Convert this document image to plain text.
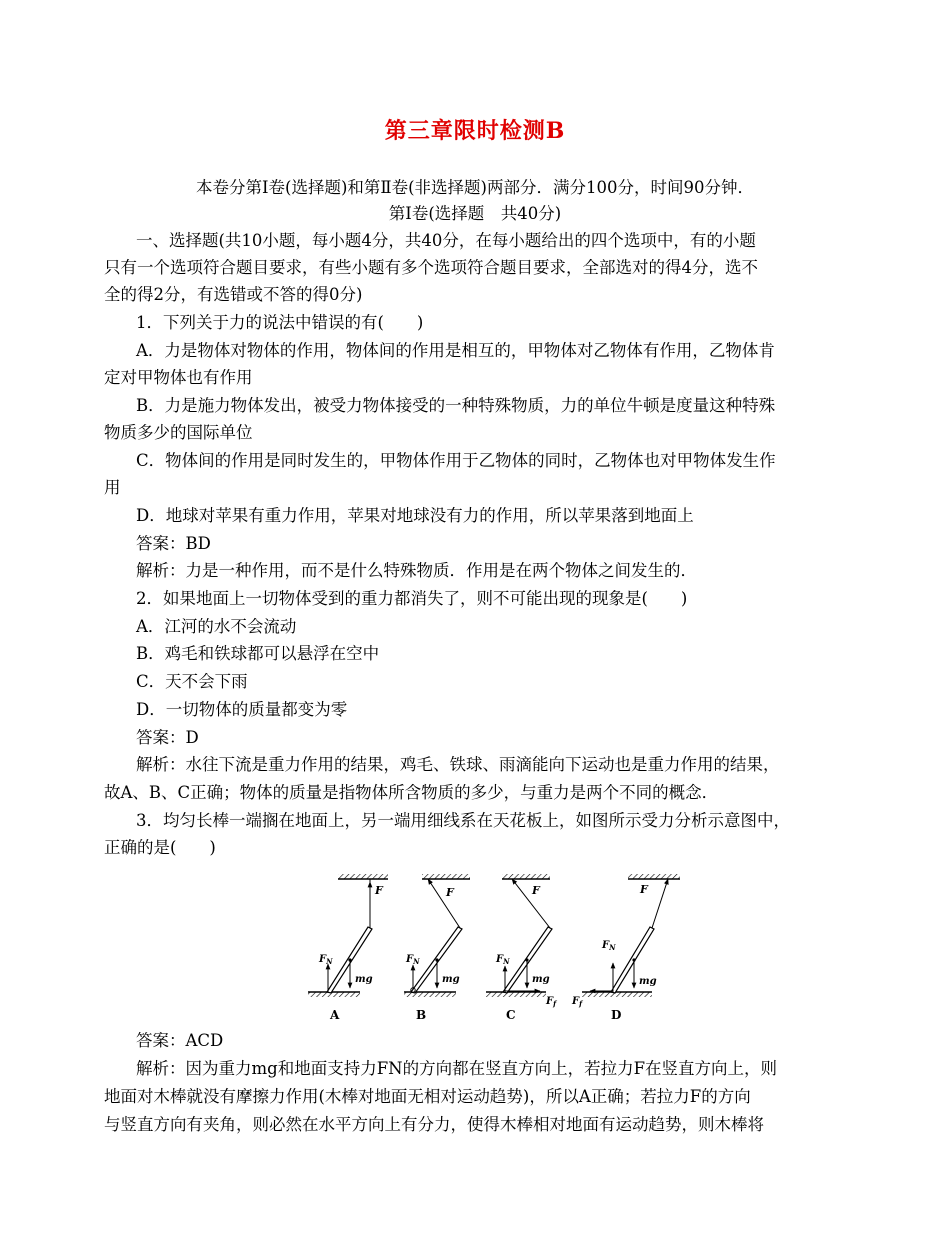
第三章限时检测B
本卷分第Ⅰ卷(选择题)和第Ⅱ卷(非选择题)两部分．满分100分，时间90分钟．
第Ⅰ卷(选择题　共40分)
一、选择题(共10小题，每小题4分，共40分，在每小题给出的四个选项中，有的小题
只有一个选项符合题目要求，有些小题有多个选项符合题目要求，全部选对的得4分，选不
全的得2分，有选错或不答的得0分)
1．下列关于力的说法中错误的有(　　)
A．力是物体对物体的作用，物体间的作用是相互的，甲物体对乙物体有作用，乙物体肯
定对甲物体也有作用
B．力是施力物体发出，被受力物体接受的一种特殊物质，力的单位牛顿是度量这种特殊
物质多少的国际单位
C．物体间的作用是同时发生的，甲物体作用于乙物体的同时，乙物体也对甲物体发生作
用
D．地球对苹果有重力作用，苹果对地球没有力的作用，所以苹果落到地面上
答案：BD
解析：力是一种作用，而不是什么特殊物质．作用是在两个物体之间发生的．
2．如果地面上一切物体受到的重力都消失了，则不可能出现的现象是(　　)
A．江河的水不会流动
B．鸡毛和铁球都可以悬浮在空中
C．天不会下雨
D．一切物体的质量都变为零
答案：D
解析：水往下流是重力作用的结果，鸡毛、铁球、雨滴能向下运动也是重力作用的结果，
故A、B、C正确；物体的质量是指物体所含物质的多少，与重力是两个不同的概念．
3．均匀长棒一端搁在地面上，另一端用细线系在天花板上，如图所示受力分析示意图中，
正确的是(　　)
F
$F_N$
mg
A
F
$F_N$
mg
B
F
$F_N$
mg
$F_f$
C
F
$F_N$
mg
$F_f$
D
答案：ACD
解析：因为重力mg和地面支持力FN的方向都在竖直方向上，若拉力F在竖直方向上，则
地面对木棒就没有摩擦力作用(木棒对地面无相对运动趋势)，所以A正确；若拉力F的方向
与竖直方向有夹角，则必然在水平方向上有分力，使得木棒相对地面有运动趋势，则木棒将
